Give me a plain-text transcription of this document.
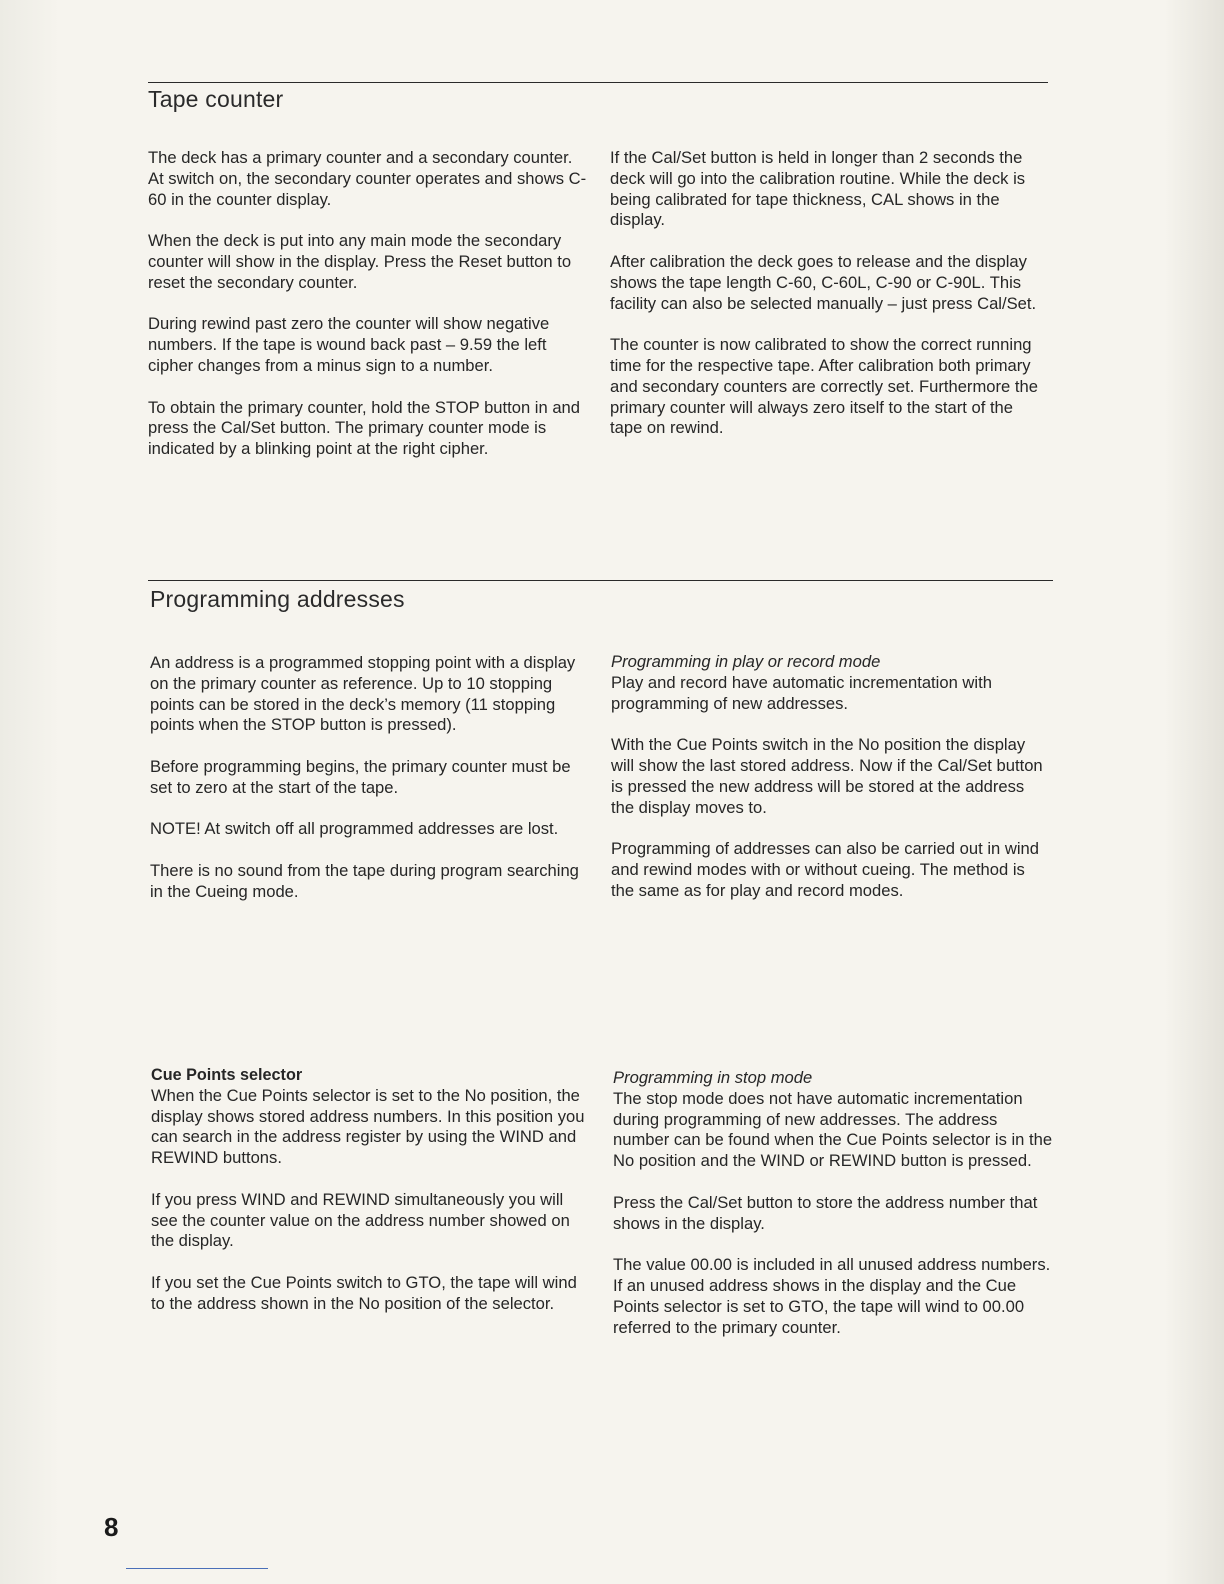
Tape counter

The deck has a primary counter and a secondary counter. At switch on, the secondary counter operates and shows C-60 in the counter display.

When the deck is put into any main mode the secondary counter will show in the display. Press the Reset button to reset the secondary counter.

During rewind past zero the counter will show negative numbers. If the tape is wound back past – 9.59 the left cipher changes from a minus sign to a number.

To obtain the primary counter, hold the STOP button in and press the Cal/Set button. The primary counter mode is indicated by a blinking point at the right cipher.

If the Cal/Set button is held in longer than 2 seconds the deck will go into the calibration routine. While the deck is being calibrated for tape thickness, CAL shows in the display.

After calibration the deck goes to release and the display shows the tape length C-60, C-60L, C-90 or C-90L. This facility can also be selected manually – just press Cal/Set.

The counter is now calibrated to show the correct running time for the respective tape. After calibration both primary and secondary counters are correctly set. Furthermore the primary counter will always zero itself to the start of the tape on rewind.

Programming addresses

An address is a programmed stopping point with a display on the primary counter as reference. Up to 10 stopping points can be stored in the deck’s memory (11 stopping points when the STOP button is pressed).

Before programming begins, the primary counter must be set to zero at the start of the tape.

NOTE! At switch off all programmed addresses are lost.

There is no sound from the tape during program searching in the Cueing mode.

Programming in play or record mode

Play and record have automatic incrementation with programming of new addresses.

With the Cue Points switch in the No position the display will show the last stored address. Now if the Cal/Set button is pressed the new address will be stored at the address the display moves to.

Programming of addresses can also be carried out in wind and rewind modes with or without cueing. The method is the same as for play and record modes.

Cue Points selector

When the Cue Points selector is set to the No position, the display shows stored address numbers. In this position you can search in the address register by using the WIND and REWIND buttons.

If you press WIND and REWIND simultaneously you will see the counter value on the address number showed on the display.

If you set the Cue Points switch to GTO, the tape will wind to the address shown in the No position of the selector.

Programming in stop mode

The stop mode does not have automatic incrementation during programming of new addresses. The address number can be found when the Cue Points selector is in the No position and the WIND or REWIND button is pressed.

Press the Cal/Set button to store the address number that shows in the display.

The value 00.00 is included in all unused address numbers. If an unused address shows in the display and the Cue Points selector is set to GTO, the tape will wind to 00.00 referred to the primary counter.

8
